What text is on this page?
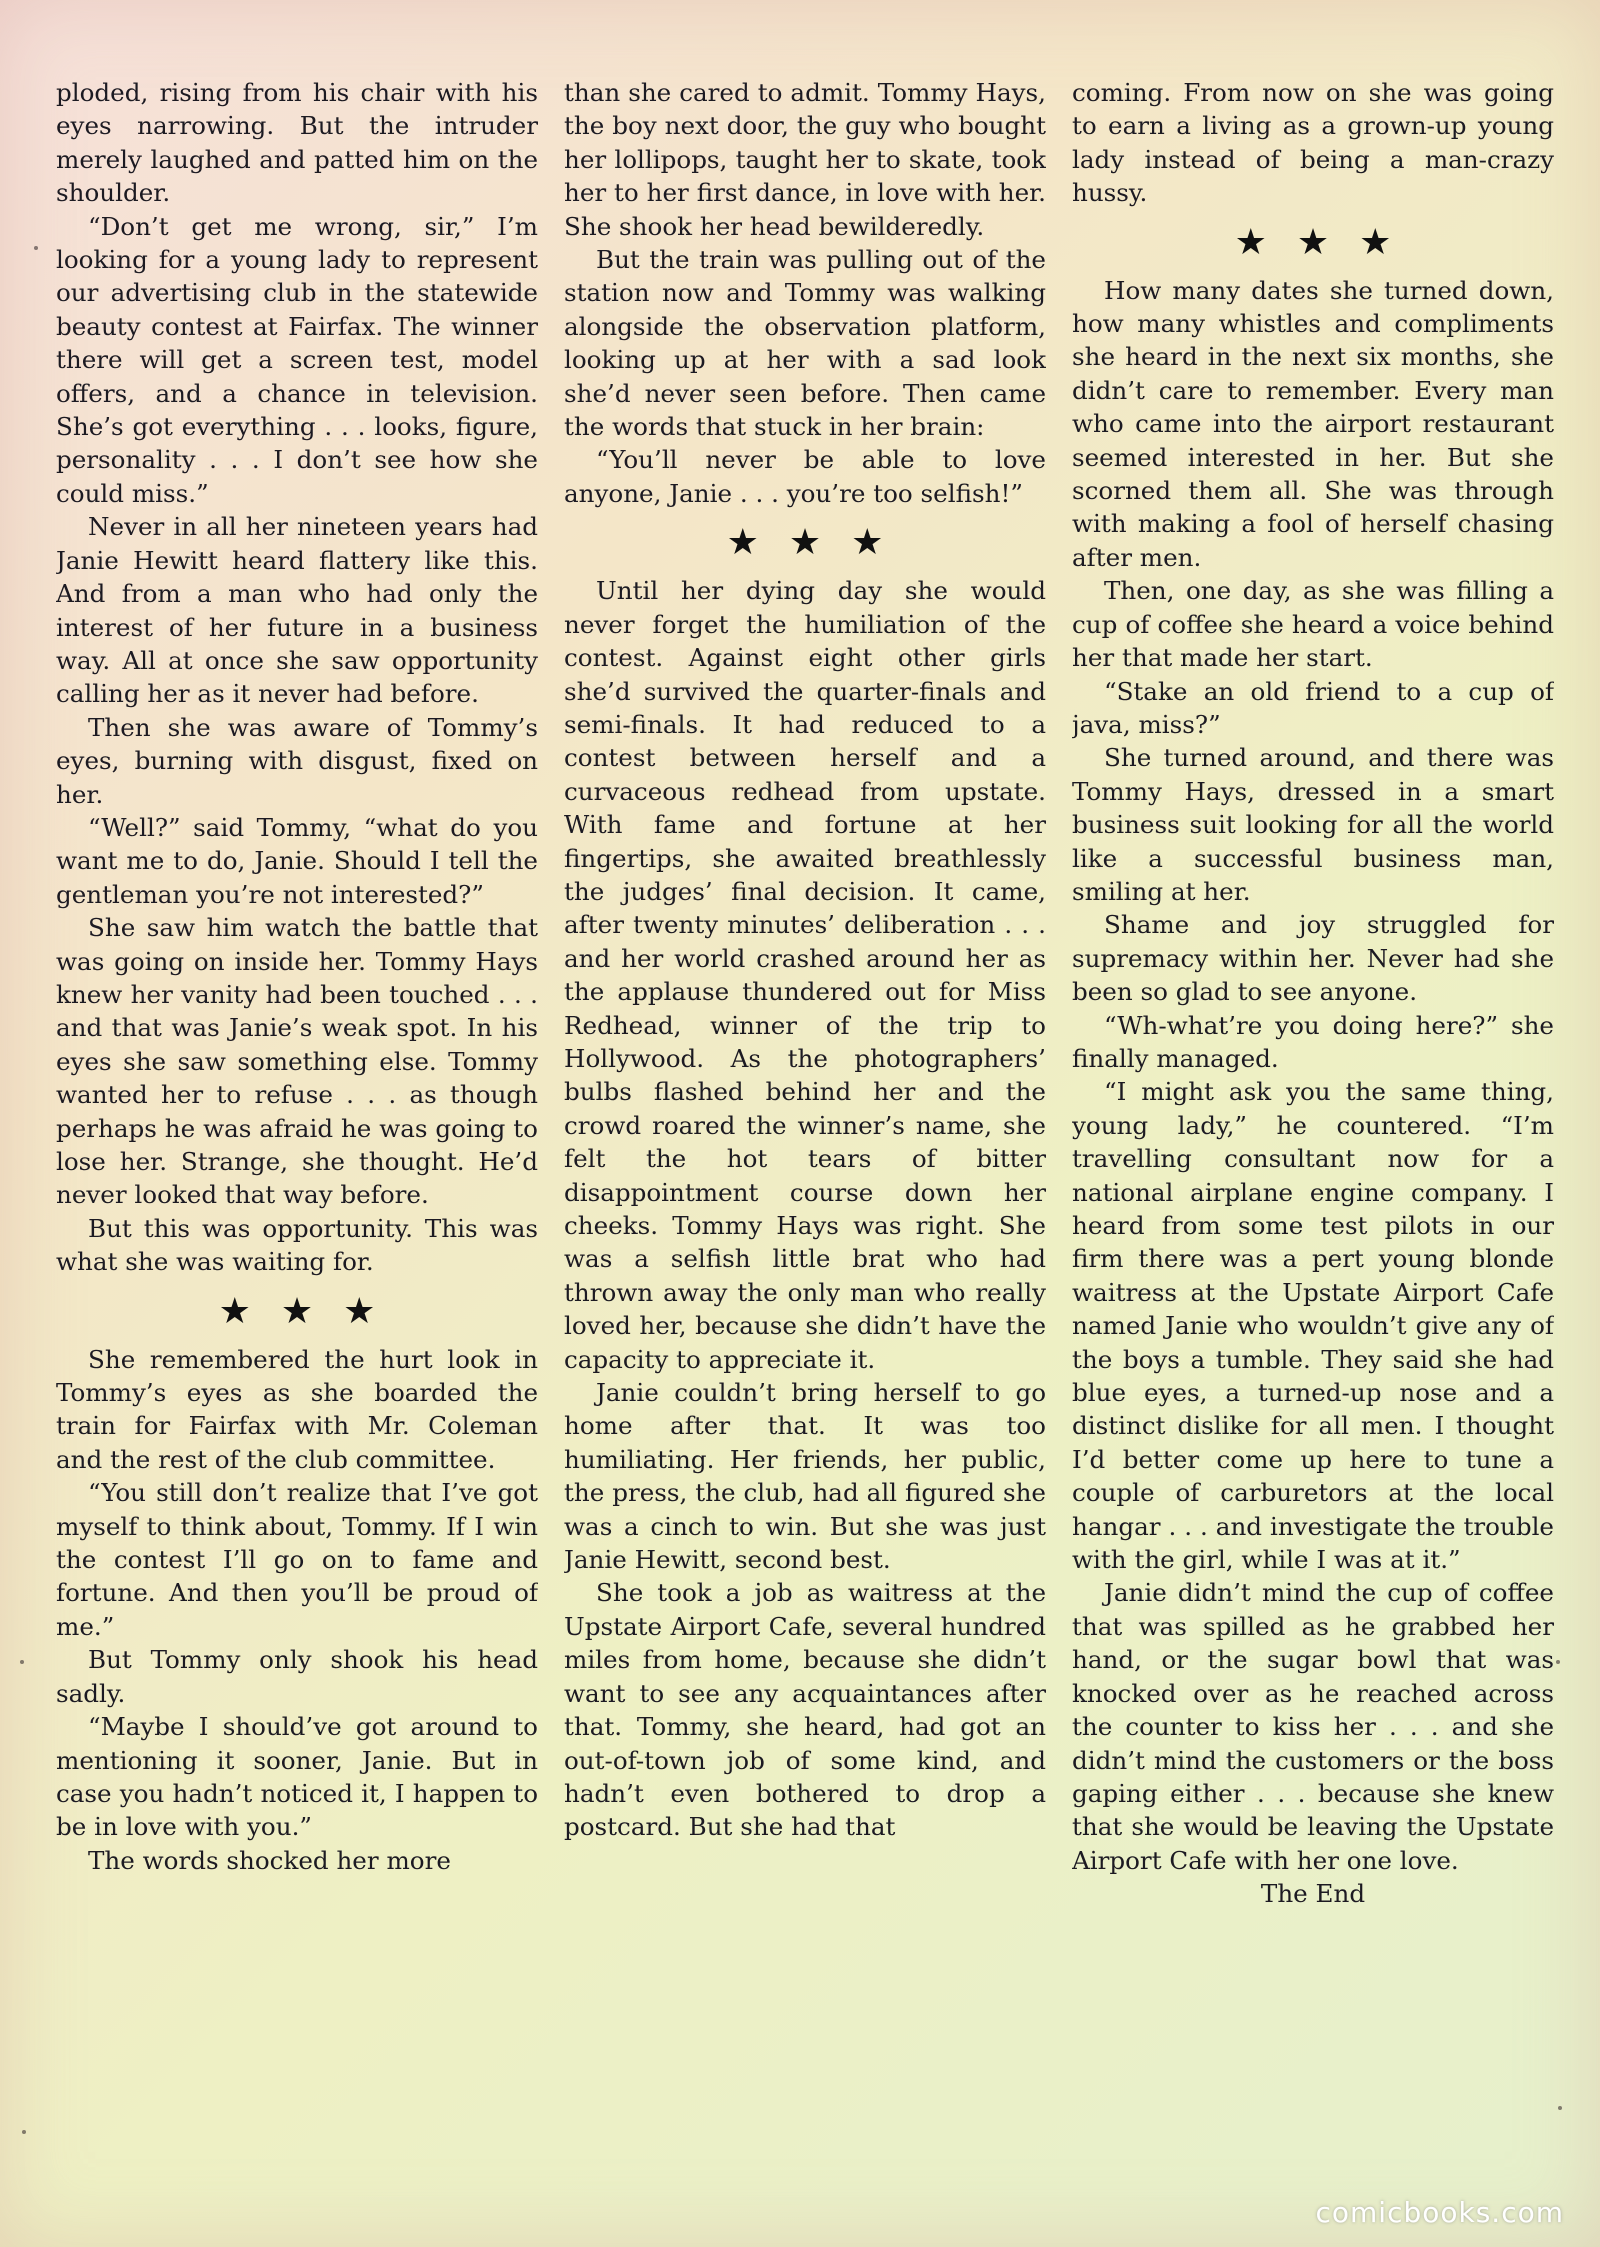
ploded, rising from his chair with his eyes narrowing. But the intruder merely laughed and patted him on the shoulder.

“Don’t get me wrong, sir,” I’m looking for a young lady to represent our advertising club in the statewide beauty contest at Fairfax. The winner there will get a screen test, model offers, and a chance in television. She’s got everything . . . looks, figure, personality . . . I don’t see how she could miss.”

Never in all her nineteen years had Janie Hewitt heard flattery like this. And from a man who had only the interest of her future in a business way. All at once she saw opportunity calling her as it never had before.

Then she was aware of Tommy’s eyes, burning with disgust, fixed on her.

“Well?” said Tommy, “what do you want me to do, Janie. Should I tell the gentleman you’re not interested?”

She saw him watch the battle that was going on inside her. Tommy Hays knew her vanity had been touched . . . and that was Janie’s weak spot. In his eyes she saw something else. Tommy wanted her to refuse . . . as though perhaps he was afraid he was going to lose her. Strange, she thought. He’d never looked that way before.

But this was opportunity. This was what she was waiting for.

★★★

She remembered the hurt look in Tommy’s eyes as she boarded the train for Fairfax with Mr. Coleman and the rest of the club committee.

“You still don’t realize that I’ve got myself to think about, Tommy. If I win the contest I’ll go on to fame and fortune. And then you’ll be proud of me.”

But Tommy only shook his head sadly.

“Maybe I should’ve got around to mentioning it sooner, Janie. But in case you hadn’t noticed it, I happen to be in love with you.”

The words shocked her more

than she cared to admit. Tommy Hays, the boy next door, the guy who bought her lollipops, taught her to skate, took her to her first dance, in love with her. She shook her head bewilderedly.

But the train was pulling out of the station now and Tommy was walking alongside the observation platform, looking up at her with a sad look she’d never seen before. Then came the words that stuck in her brain:

“You’ll never be able to love anyone, Janie . . . you’re too selfish!”

★★★

Until her dying day she would never forget the humiliation of the contest. Against eight other girls she’d survived the quarter-finals and semi-finals. It had reduced to a contest between herself and a curvaceous redhead from upstate. With fame and fortune at her fingertips, she awaited breathlessly the judges’ final decision. It came, after twenty minutes’ deliberation . . . and her world crashed around her as the applause thundered out for Miss Redhead, winner of the trip to Hollywood. As the photographers’ bulbs flashed behind her and the crowd roared the winner’s name, she felt the hot tears of bitter disappointment course down her cheeks. Tommy Hays was right. She was a selfish little brat who had thrown away the only man who really loved her, because she didn’t have the capacity to appreciate it.

Janie couldn’t bring herself to go home after that. It was too humiliating. Her friends, her public, the press, the club, had all figured she was a cinch to win. But she was just Janie Hewitt, second best.

She took a job as waitress at the Upstate Airport Cafe, several hundred miles from home, because she didn’t want to see any acquaintances after that. Tommy, she heard, had got an out-of-town job of some kind, and hadn’t even bothered to drop a postcard. But she had that

coming. From now on she was going to earn a living as a grown-up young lady instead of being a man-crazy hussy.

★★★

How many dates she turned down, how many whistles and compliments she heard in the next six months, she didn’t care to remember. Every man who came into the airport restaurant seemed interested in her. But she scorned them all. She was through with making a fool of herself chasing after men.

Then, one day, as she was filling a cup of coffee she heard a voice behind her that made her start.

“Stake an old friend to a cup of java, miss?”

She turned around, and there was Tommy Hays, dressed in a smart business suit looking for all the world like a successful business man, smiling at her.

Shame and joy struggled for supremacy within her. Never had she been so glad to see anyone.

“Wh-what’re you doing here?” she finally managed.

“I might ask you the same thing, young lady,” he countered. “I’m travelling consultant now for a national airplane engine company. I heard from some test pilots in our firm there was a pert young blonde waitress at the Upstate Airport Cafe named Janie who wouldn’t give any of the boys a tumble. They said she had blue eyes, a turned-up nose and a distinct dislike for all men. I thought I’d better come up here to tune a couple of carburetors at the local hangar . . . and investigate the trouble with the girl, while I was at it.”

Janie didn’t mind the cup of coffee that was spilled as he grabbed her hand, or the sugar bowl that was knocked over as he reached across the counter to kiss her . . . and she didn’t mind the customers or the boss gaping either . . . because she knew that she would be leaving the Upstate Airport Cafe with her one love.

The End

comicbooks.com
